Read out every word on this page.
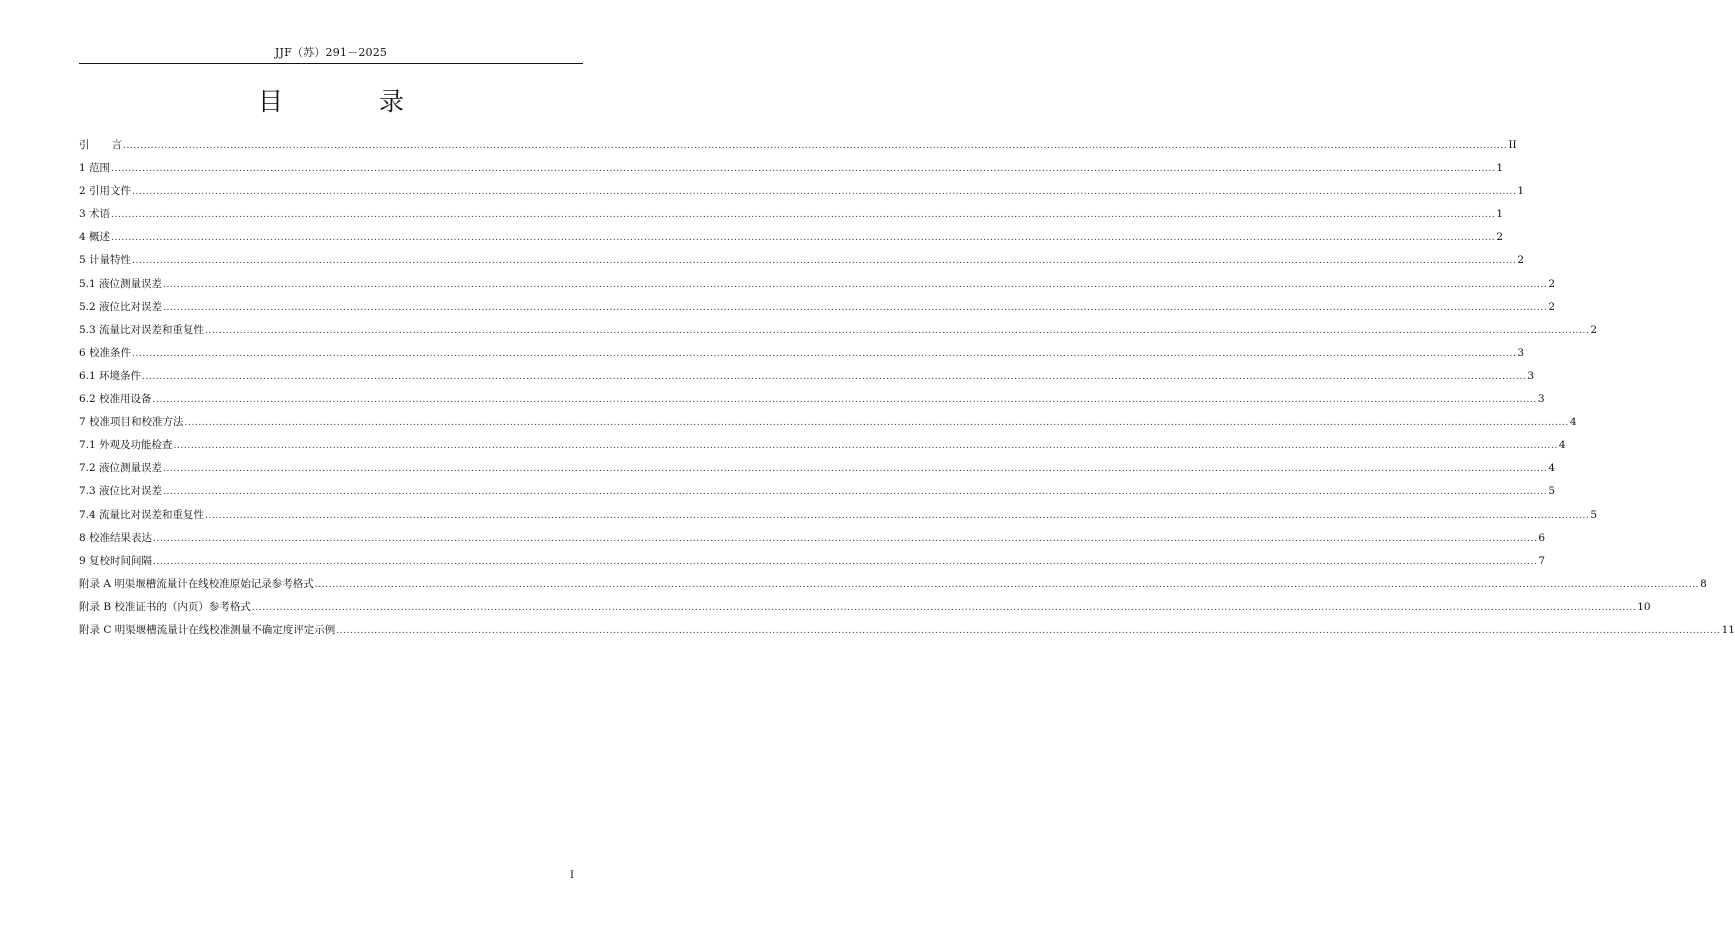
JJF（苏）291－2025
目 录
引言 ................................................................................................................................................................................................................................................................................................................................................................................................................ II
1 范围 ................................................................................................................................................................................................................................................................................................................................................................................................................ 1
2 引用文件 ................................................................................................................................................................................................................................................................................................................................................................................................................ 1
3 术语 ................................................................................................................................................................................................................................................................................................................................................................................................................ 1
4 概述 ................................................................................................................................................................................................................................................................................................................................................................................................................ 2
5 计量特性 ................................................................................................................................................................................................................................................................................................................................................................................................................ 2
5.1 液位测量误差 ................................................................................................................................................................................................................................................................................................................................................................................................................ 2
5.2 液位比对误差 ................................................................................................................................................................................................................................................................................................................................................................................................................ 2
5.3 流量比对误差和重复性 ................................................................................................................................................................................................................................................................................................................................................................................................................ 2
6 校准条件 ................................................................................................................................................................................................................................................................................................................................................................................................................ 3
6.1 环境条件 ................................................................................................................................................................................................................................................................................................................................................................................................................ 3
6.2 校准用设备 ................................................................................................................................................................................................................................................................................................................................................................................................................ 3
7 校准项目和校准方法 ................................................................................................................................................................................................................................................................................................................................................................................................................ 4
7.1 外观及功能检查 ................................................................................................................................................................................................................................................................................................................................................................................................................ 4
7.2 液位测量误差 ................................................................................................................................................................................................................................................................................................................................................................................................................ 4
7.3 液位比对误差 ................................................................................................................................................................................................................................................................................................................................................................................................................ 5
7.4 流量比对误差和重复性 ................................................................................................................................................................................................................................................................................................................................................................................................................ 5
8 校准结果表达 ................................................................................................................................................................................................................................................................................................................................................................................................................ 6
9 复校时间间隔 ................................................................................................................................................................................................................................................................................................................................................................................................................ 7
附录 A 明渠堰槽流量计在线校准原始记录参考格式 ................................................................................................................................................................................................................................................................................................................................................................................................................ 8
附录 B 校准证书的（内页）参考格式 ................................................................................................................................................................................................................................................................................................................................................................................................................ 10
附录 C 明渠堰槽流量计在线校准测量不确定度评定示例 ................................................................................................................................................................................................................................................................................................................................................................................................................ 11
I
